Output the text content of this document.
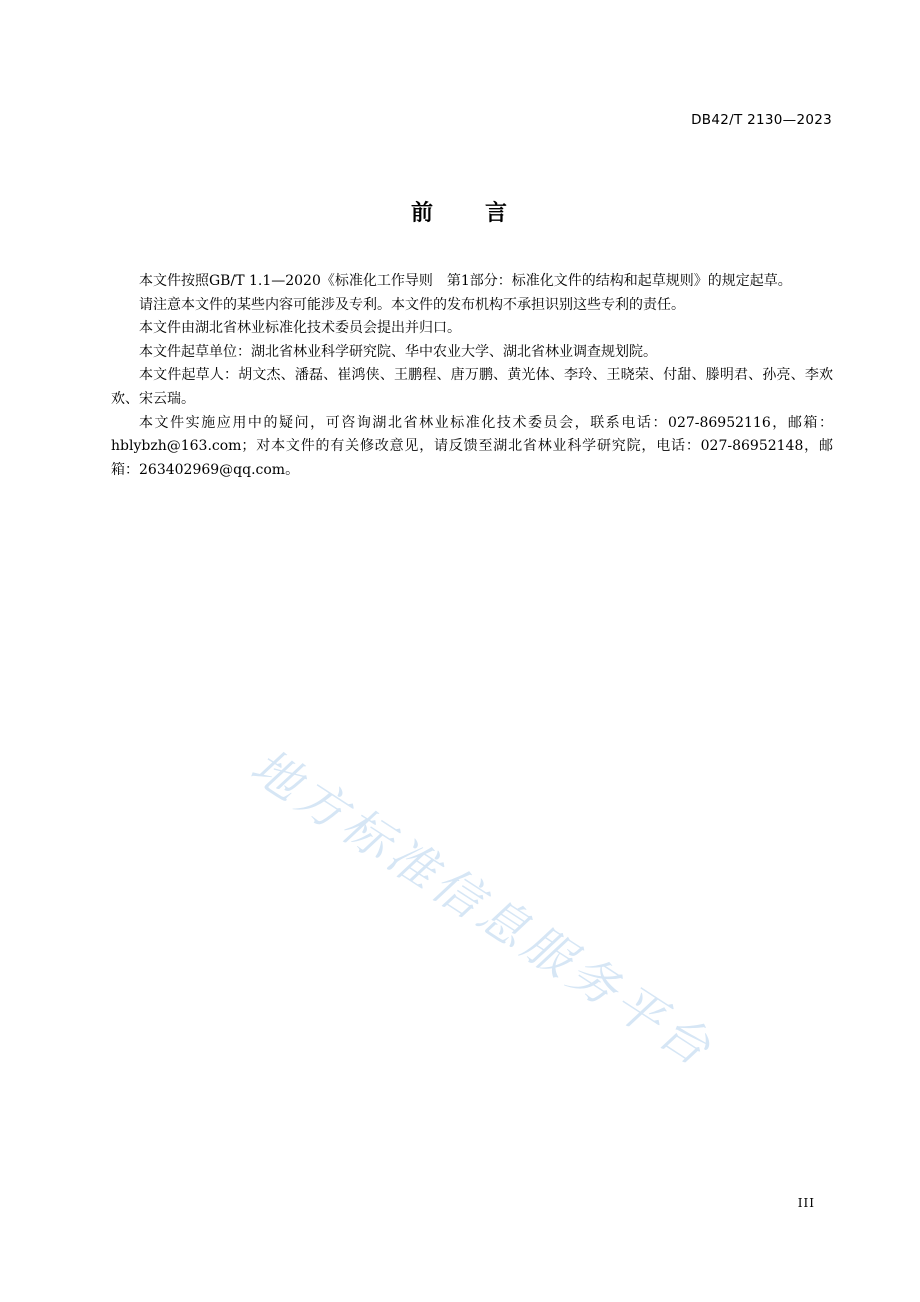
DB42/T 2130—2023
前 言

本文件按照GB/T 1.1—2020《标准化工作导则　第1部分：标准化文件的结构和起草规则》的规定起草。

请注意本文件的某些内容可能涉及专利。本文件的发布机构不承担识别这些专利的责任。

本文件由湖北省林业标准化技术委员会提出并归口。

本文件起草单位：湖北省林业科学研究院、华中农业大学、湖北省林业调查规划院。

本文件起草人：胡文杰、潘磊、崔鸿侠、王鹏程、唐万鹏、黄光体、李玲、王晓荣、付甜、滕明君、孙亮、李欢欢、宋云瑞。

本文件实施应用中的疑问，可咨询湖北省林业标准化技术委员会，联系电话：027-86952116，邮箱：hblybzh@163.com；对本文件的有关修改意见，请反馈至湖北省林业科学研究院，电话：027-86952148，邮箱：263402969@qq.com。

地方标准信息服务平台
III
